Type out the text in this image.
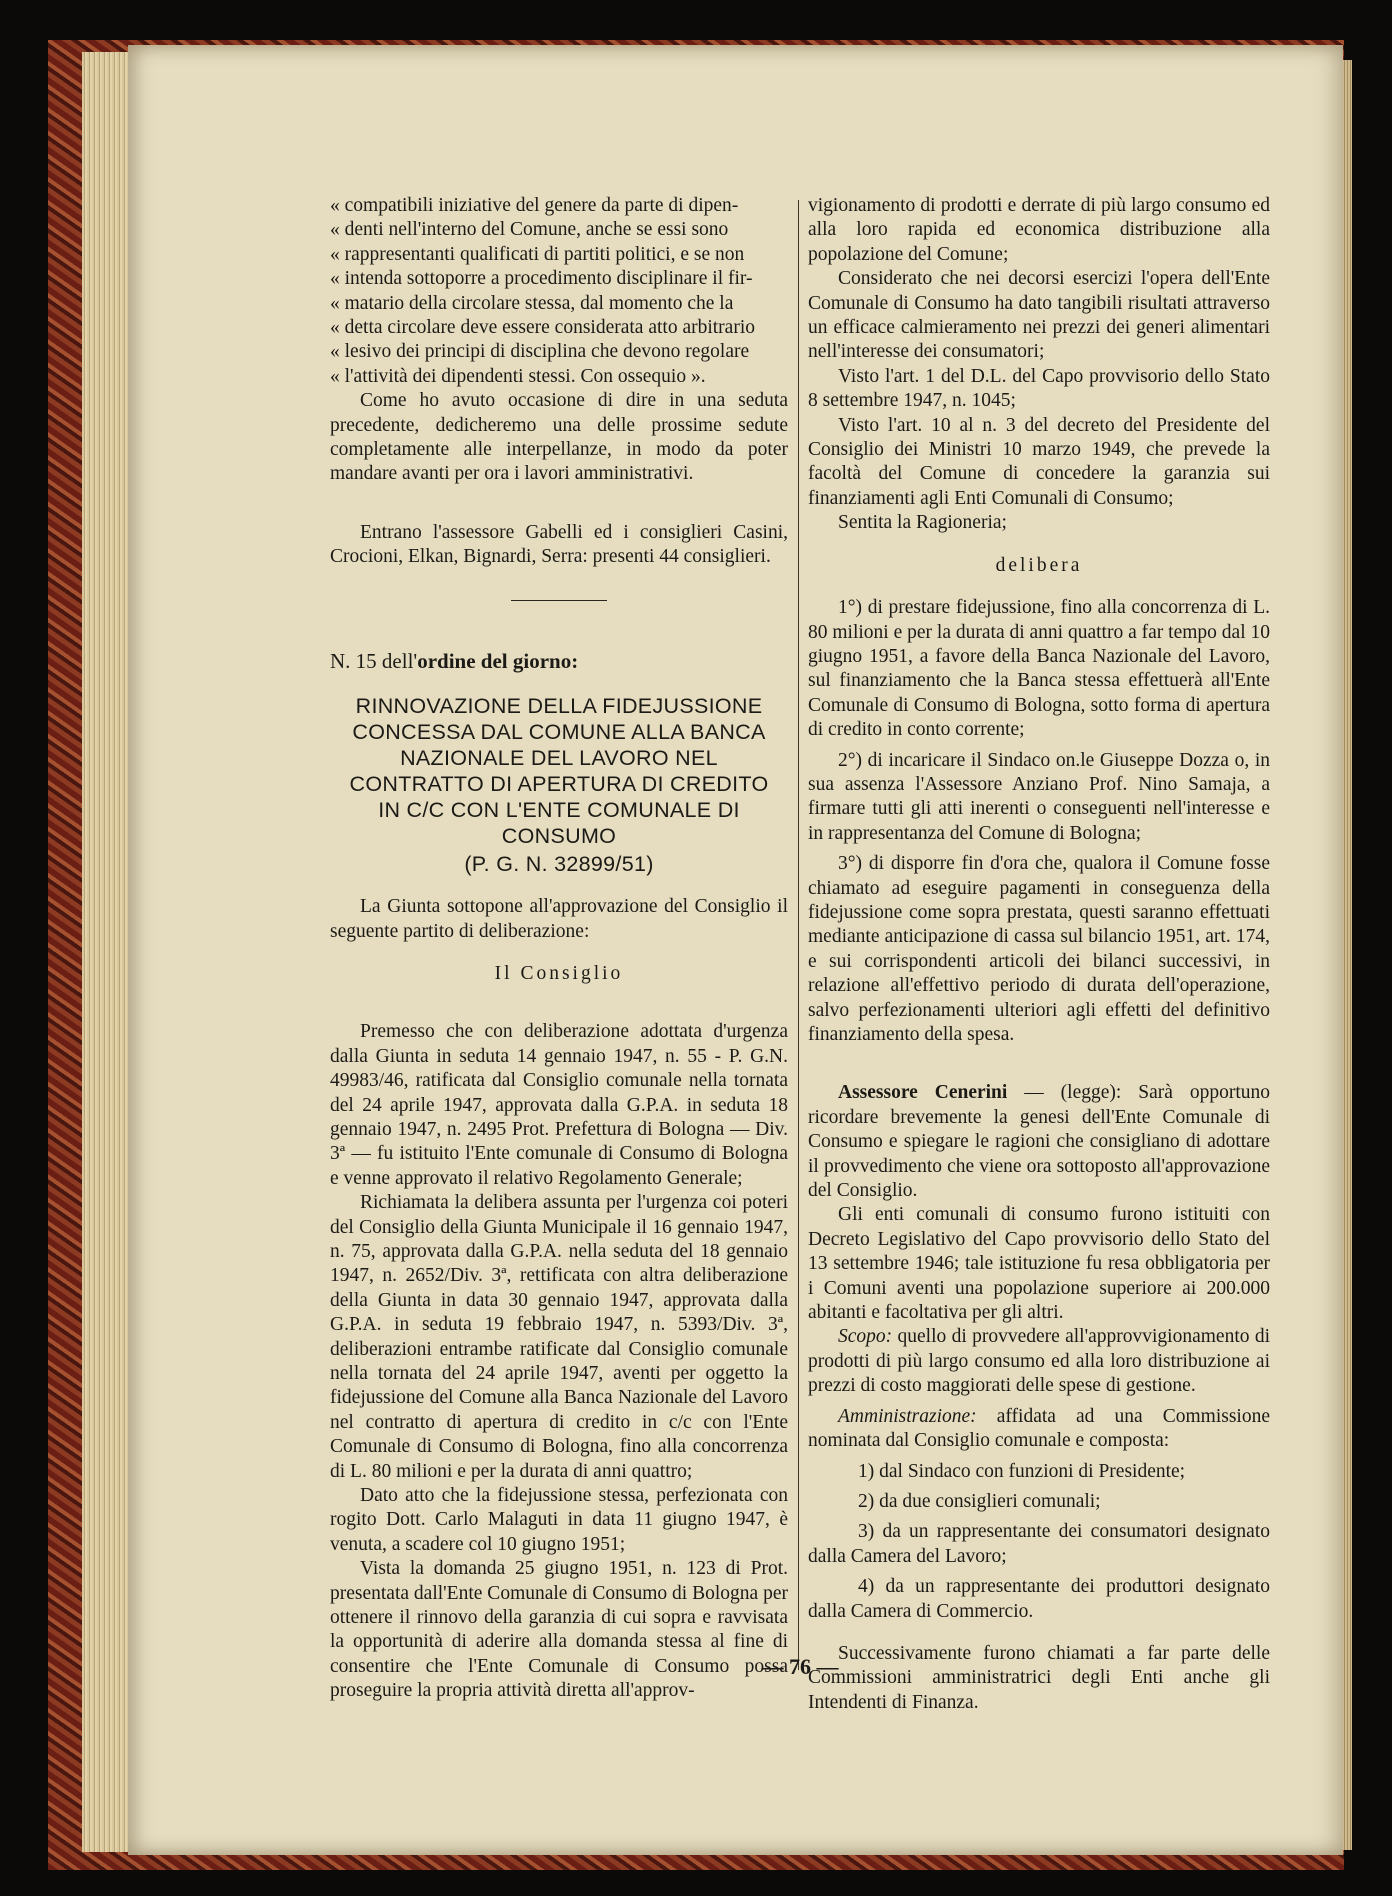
« compatibili iniziative del genere da parte di dipen-

« denti nell'interno del Comune, anche se essi sono

« rappresentanti qualificati di partiti politici, e se non

« intenda sottoporre a procedimento disciplinare il fir-

« matario della circolare stessa, dal momento che la

« detta circolare deve essere considerata atto arbitrario

« lesivo dei principi di disciplina che devono regolare

« l'attività dei dipendenti stessi. Con ossequio ».

Come ho avuto occasione di dire in una seduta precedente, dedicheremo una delle prossime sedute completamente alle interpellanze, in modo da poter mandare avanti per ora i lavori amministrativi.

Entrano l'assessore Gabelli ed i consiglieri Casini, Crocioni, Elkan, Bignardi, Serra: presenti 44 consiglieri.

N. 15 dell'ordine del giorno:

RINNOVAZIONE DELLA FIDEJUSSIONE CONCESSA DAL COMUNE ALLA BANCA NAZIONALE DEL LAVORO NEL CONTRATTO DI APERTURA DI CREDITO IN C/C CON L'ENTE COMUNALE DI CONSUMO
(P. G. N. 32899/51)

La Giunta sottopone all'approvazione del Consiglio il seguente partito di deliberazione:

Il Consiglio

Premesso che con deliberazione adottata d'urgenza dalla Giunta in seduta 14 gennaio 1947, n. 55 - P. G.N. 49983/46, ratificata dal Consiglio comunale nella tornata del 24 aprile 1947, approvata dalla G.P.A. in seduta 18 gennaio 1947, n. 2495 Prot. Prefettura di Bologna — Div. 3ª — fu istituito l'Ente comunale di Consumo di Bologna e venne approvato il relativo Regolamento Generale;

Richiamata la delibera assunta per l'urgenza coi poteri del Consiglio della Giunta Municipale il 16 gennaio 1947, n. 75, approvata dalla G.P.A. nella seduta del 18 gennaio 1947, n. 2652/Div. 3ª, rettificata con altra deliberazione della Giunta in data 30 gennaio 1947, approvata dalla G.P.A. in seduta 19 febbraio 1947, n. 5393/Div. 3ª, deliberazioni entrambe ratificate dal Consiglio comunale nella tornata del 24 aprile 1947, aventi per oggetto la fidejussione del Comune alla Banca Nazionale del Lavoro nel contratto di apertura di credito in c/c con l'Ente Comunale di Consumo di Bologna, fino alla concorrenza di L. 80 milioni e per la durata di anni quattro;

Dato atto che la fidejussione stessa, perfezionata con rogito Dott. Carlo Malaguti in data 11 giugno 1947, è venuta, a scadere col 10 giugno 1951;

Vista la domanda 25 giugno 1951, n. 123 di Prot. presentata dall'Ente Comunale di Consumo di Bologna per ottenere il rinnovo della garanzia di cui sopra e ravvisata la opportunità di aderire alla domanda stessa al fine di consentire che l'Ente Comunale di Consumo possa proseguire la propria attività diretta all'approv-

vigionamento di prodotti e derrate di più largo consumo ed alla loro rapida ed economica distribuzione alla popolazione del Comune;

Considerato che nei decorsi esercizi l'opera dell'Ente Comunale di Consumo ha dato tangibili risultati attraverso un efficace calmieramento nei prezzi dei generi alimentari nell'interesse dei consumatori;

Visto l'art. 1 del D.L. del Capo provvisorio dello Stato 8 settembre 1947, n. 1045;

Visto l'art. 10 al n. 3 del decreto del Presidente del Consiglio dei Ministri 10 marzo 1949, che prevede la facoltà del Comune di concedere la garanzia sui finanziamenti agli Enti Comunali di Consumo;

Sentita la Ragioneria;

delibera

1°) di prestare fidejussione, fino alla concorrenza di L. 80 milioni e per la durata di anni quattro a far tempo dal 10 giugno 1951, a favore della Banca Nazionale del Lavoro, sul finanziamento che la Banca stessa effettuerà all'Ente Comunale di Consumo di Bologna, sotto forma di apertura di credito in conto corrente;

2°) di incaricare il Sindaco on.le Giuseppe Dozza o, in sua assenza l'Assessore Anziano Prof. Nino Samaja, a firmare tutti gli atti inerenti o conseguenti nell'interesse e in rappresentanza del Comune di Bologna;

3°) di disporre fin d'ora che, qualora il Comune fosse chiamato ad eseguire pagamenti in conseguenza della fidejussione come sopra prestata, questi saranno effettuati mediante anticipazione di cassa sul bilancio 1951, art. 174, e sui corrispondenti articoli dei bilanci successivi, in relazione all'effettivo periodo di durata dell'operazione, salvo perfezionamenti ulteriori agli effetti del definitivo finanziamento della spesa.

Assessore Cenerini — (legge): Sarà opportuno ricordare brevemente la genesi dell'Ente Comunale di Consumo e spiegare le ragioni che consigliano di adottare il provvedimento che viene ora sottoposto all'approvazione del Consiglio.

Gli enti comunali di consumo furono istituiti con Decreto Legislativo del Capo provvisorio dello Stato del 13 settembre 1946; tale istituzione fu resa obbligatoria per i Comuni aventi una popolazione superiore ai 200.000 abitanti e facoltativa per gli altri.

Scopo: quello di provvedere all'approvvigionamento di prodotti di più largo consumo ed alla loro distribuzione ai prezzi di costo maggiorati delle spese di gestione.

Amministrazione: affidata ad una Commissione nominata dal Consiglio comunale e composta:

1) dal Sindaco con funzioni di Presidente;

2) da due consiglieri comunali;

3) da un rappresentante dei consumatori designato dalla Camera del Lavoro;

4) da un rappresentante dei produttori designato dalla Camera di Commercio.

Successivamente furono chiamati a far parte delle Commissioni amministratrici degli Enti anche gli Intendenti di Finanza.

— 76 —
